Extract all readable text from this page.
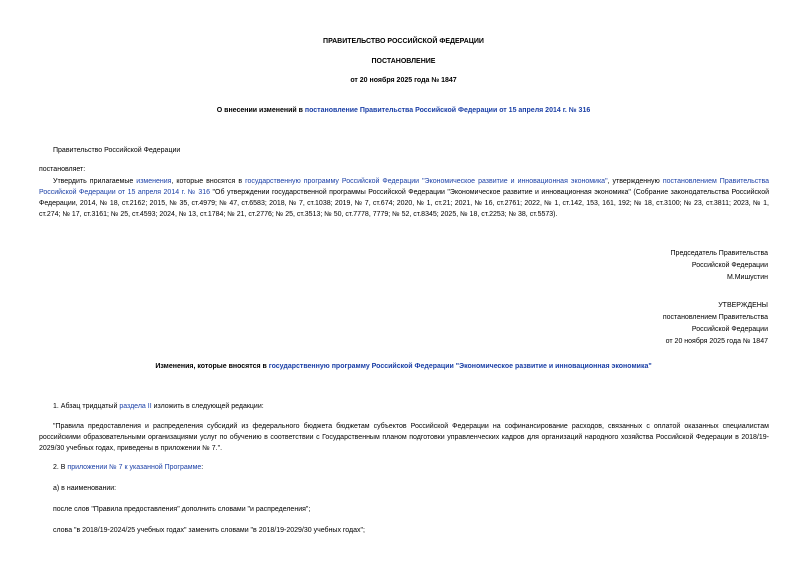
ПРАВИТЕЛЬСТВО РОССИЙСКОЙ ФЕДЕРАЦИИ
ПОСТАНОВЛЕНИЕ
от 20 ноября 2025 года № 1847
О внесении изменений в постановление Правительства Российской Федерации от 15 апреля 2014 г. № 316
Правительство Российской Федерации
постановляет:
Утвердить прилагаемые изменения, которые вносятся в государственную программу Российской Федерации "Экономическое развитие и инновационная экономика", утвержденную постановлением Правительства Российской Федерации от 15 апреля 2014 г. № 316 "Об утверждении государственной программы Российской Федерации "Экономическое развитие и инновационная экономика" (Собрание законодательства Российской Федерации, 2014, № 18, ст.2162; 2015, № 35, ст.4979; № 47, ст.6583; 2018, № 7, ст.1038; 2019, № 7, ст.674; 2020, № 1, ст.21; 2021, № 16, ст.2761; 2022, № 1, ст.142, 153, 161, 192; № 18, ст.3100; № 23, ст.3811; 2023, № 1, ст.274; № 17, ст.3161; № 25, ст.4593; 2024, № 13, ст.1784; № 21, ст.2776; № 25, ст.3513; № 50, ст.7778, 7779; № 52, ст.8345; 2025, № 18, ст.2253; № 38, ст.5573).
Председатель Правительства
Российской Федерации
М.Мишустин
УТВЕРЖДЕНЫ
постановлением Правительства
Российской Федерации
от 20 ноября 2025 года № 1847
Изменения, которые вносятся в государственную программу Российской Федерации "Экономическое развитие и инновационная экономика"
1. Абзац тридцатый раздела II изложить в следующей редакции:
"Правила предоставления и распределения субсидий из федерального бюджета бюджетам субъектов Российской Федерации на софинансирование расходов, связанных с оплатой оказанных специалистам российскими образовательными организациями услуг по обучению в соответствии с Государственным планом подготовки управленческих кадров для организаций народного хозяйства Российской Федерации в 2018/19-2029/30 учебных годах, приведены в приложении № 7.".
2. В приложении № 7 к указанной Программе:
а) в наименовании:
после слов "Правила предоставления" дополнить словами "и распределения";
слова "в 2018/19-2024/25 учебных годах" заменить словами "в 2018/19-2029/30 учебных годах";
